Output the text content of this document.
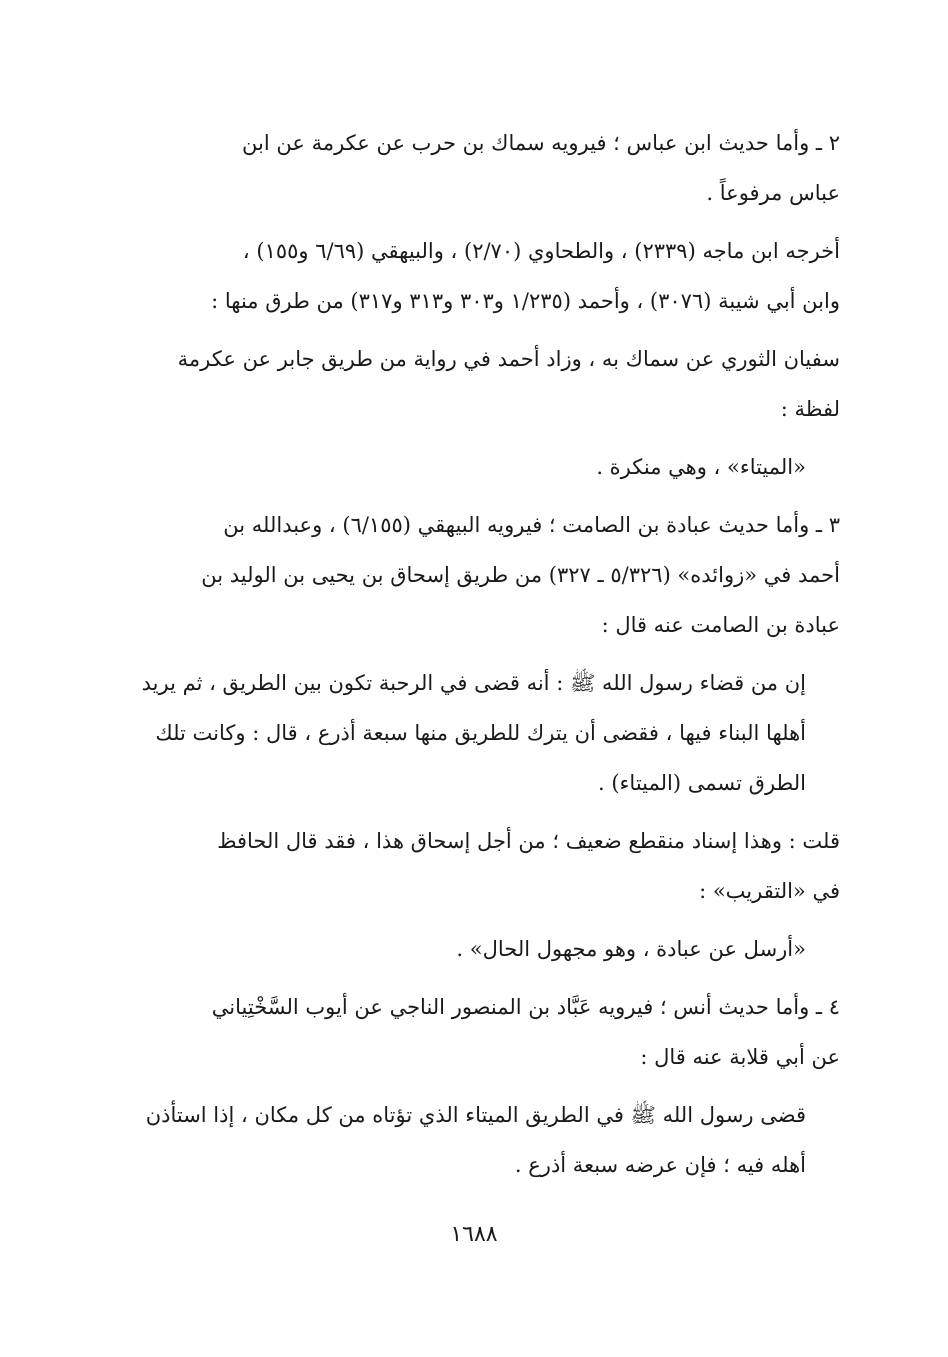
٢ ـ وأما حديث ابن عباس ؛ فيرويه سماك بن حرب عن عكرمة عن ابن
عباس مرفوعاً .
أخرجه ابن ماجه (٢٣٣٩) ، والطحاوي (٢/٧٠) ، والبيهقي (٦/٦٩ و١٥٥) ،
وابن أبي شيبة (٣٠٧٦) ، وأحمد (١/٢٣٥ و٣٠٣ و٣١٣ و٣١٧) من طرق منها :
سفيان الثوري عن سماك به ، وزاد أحمد في رواية من طريق جابر عن عكرمة
لفظة :
«الميتاء» ، وهي منكرة .
٣ ـ وأما حديث عبادة بن الصامت ؛ فيرويه البيهقي (٦/١٥٥) ، وعبدالله بن
أحمد في «زوائده» (٥/٣٢٦ ـ ٣٢٧) من طريق إسحاق بن يحيى بن الوليد بن
عبادة بن الصامت عنه قال :
إن من قضاء رسول الله ﷺ : أنه قضى في الرحبة تكون بين الطريق ، ثم يريد
أهلها البناء فيها ، فقضى أن يترك للطريق منها سبعة أذرع ، قال : وكانت تلك
الطرق تسمى (الميتاء) .
قلت : وهذا إسناد منقطع ضعيف ؛ من أجل إسحاق هذا ، فقد قال الحافظ
في «التقريب» :
«أرسل عن عبادة ، وهو مجهول الحال» .
٤ ـ وأما حديث أنس ؛ فيرويه عَبَّاد بن المنصور الناجي عن أيوب السَّخْتِياني
عن أبي قلابة عنه قال :
قضى رسول الله ﷺ في الطريق الميتاء الذي تؤتاه من كل مكان ، إذا استأذن
أهله فيه ؛ فإن عرضه سبعة أذرع .
١٦٨٨
